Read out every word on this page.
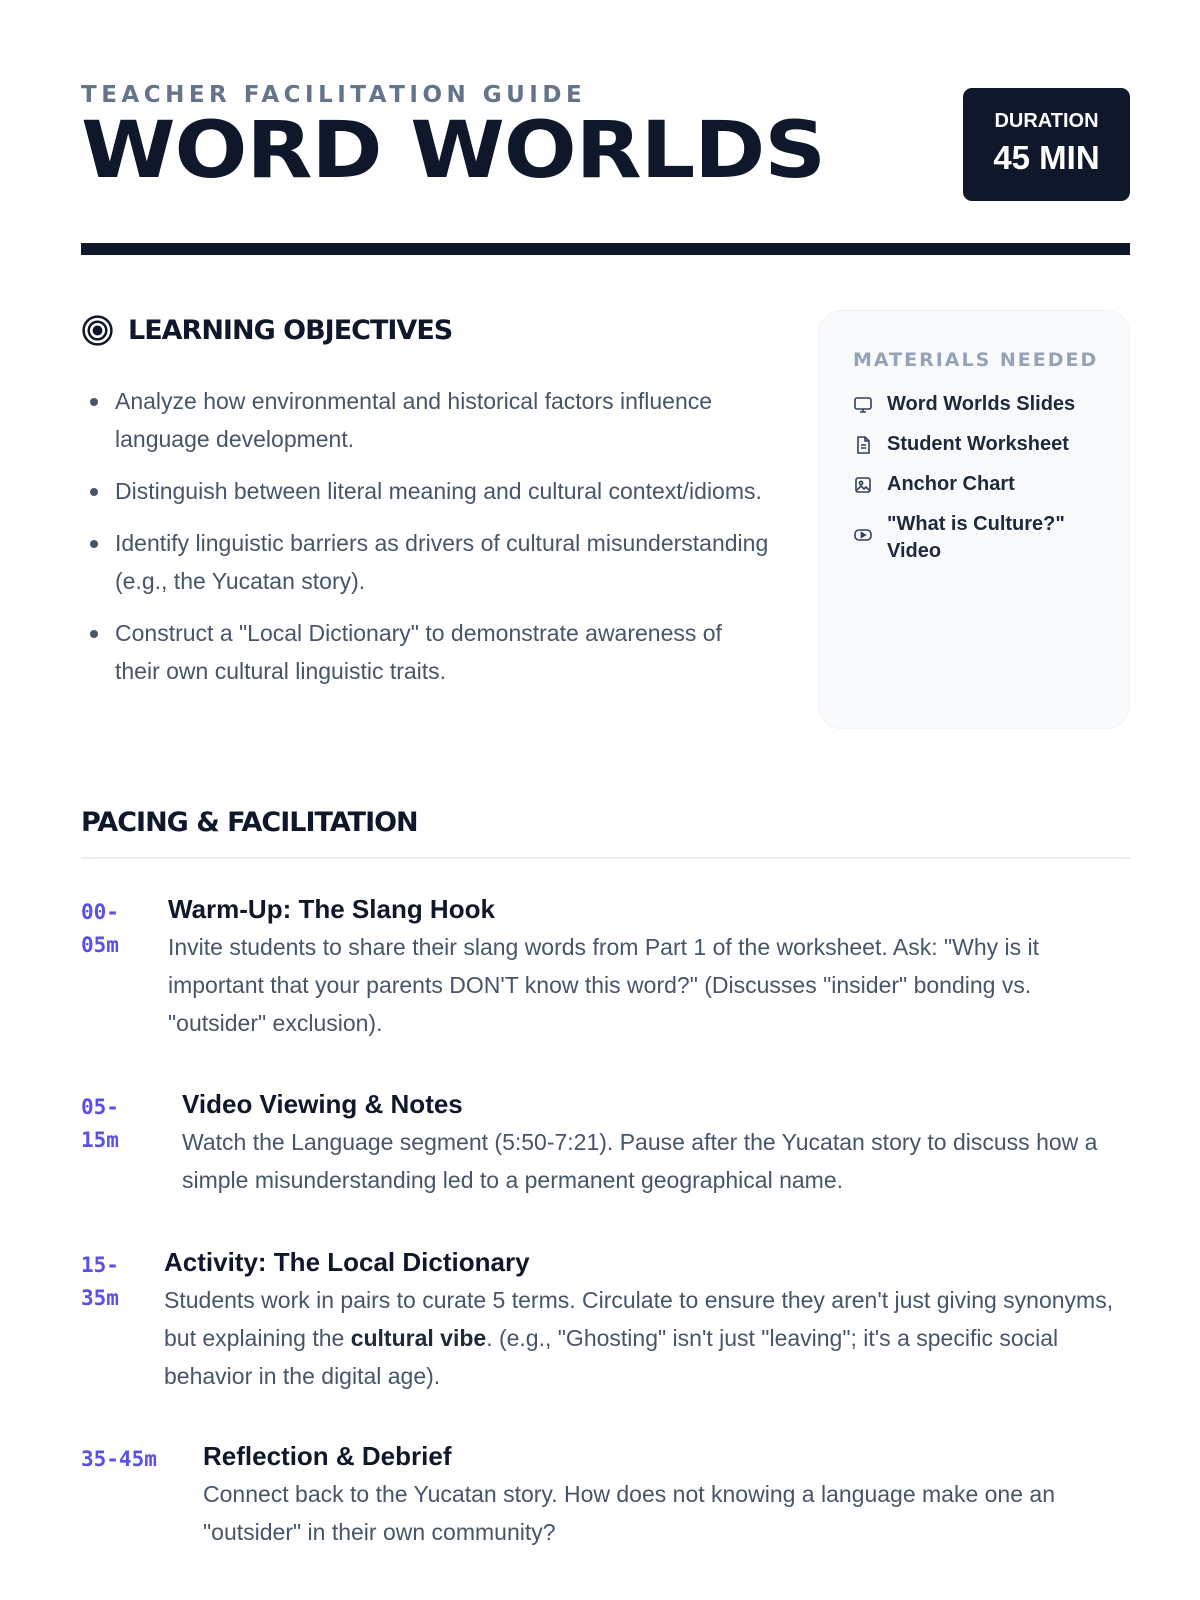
TEACHER FACILITATION GUIDE
WORD WORLDS	DURATION
45 MIN
LEARNING OBJECTIVES
Analyze how environmental and historical factors influence language development.
Distinguish between literal meaning and cultural context/idioms.
Identify linguistic barriers as drivers of cultural misunderstanding (e.g., the Yucatan story).
Construct a "Local Dictionary" to demonstrate awareness of their own cultural linguistic traits.
MATERIALS NEEDED
Word Worlds Slides
Student Worksheet
Anchor Chart
"What is Culture?" Video
PACING & FACILITATION
00-
05m
Warm-Up: The Slang Hook
Invite students to share their slang words from Part 1 of the worksheet. Ask: "Why is it important that your parents DON'T know this word?" (Discusses "insider" bonding vs. "outsider" exclusion).
05-
15m
Video Viewing & Notes
Watch the Language segment (5:50-7:21). Pause after the Yucatan story to discuss how a simple misunderstanding led to a permanent geographical name.
15-
35m
Activity: The Local Dictionary
Students work in pairs to curate 5 terms. Circulate to ensure they aren't just giving synonyms, but explaining the cultural vibe. (e.g., "Ghosting" isn't just "leaving"; it's a specific social behavior in the digital age).
35-45m Reflection & Debrief
Connect back to the Yucatan story. How does not knowing a language make one an "outsider" in their own community?
